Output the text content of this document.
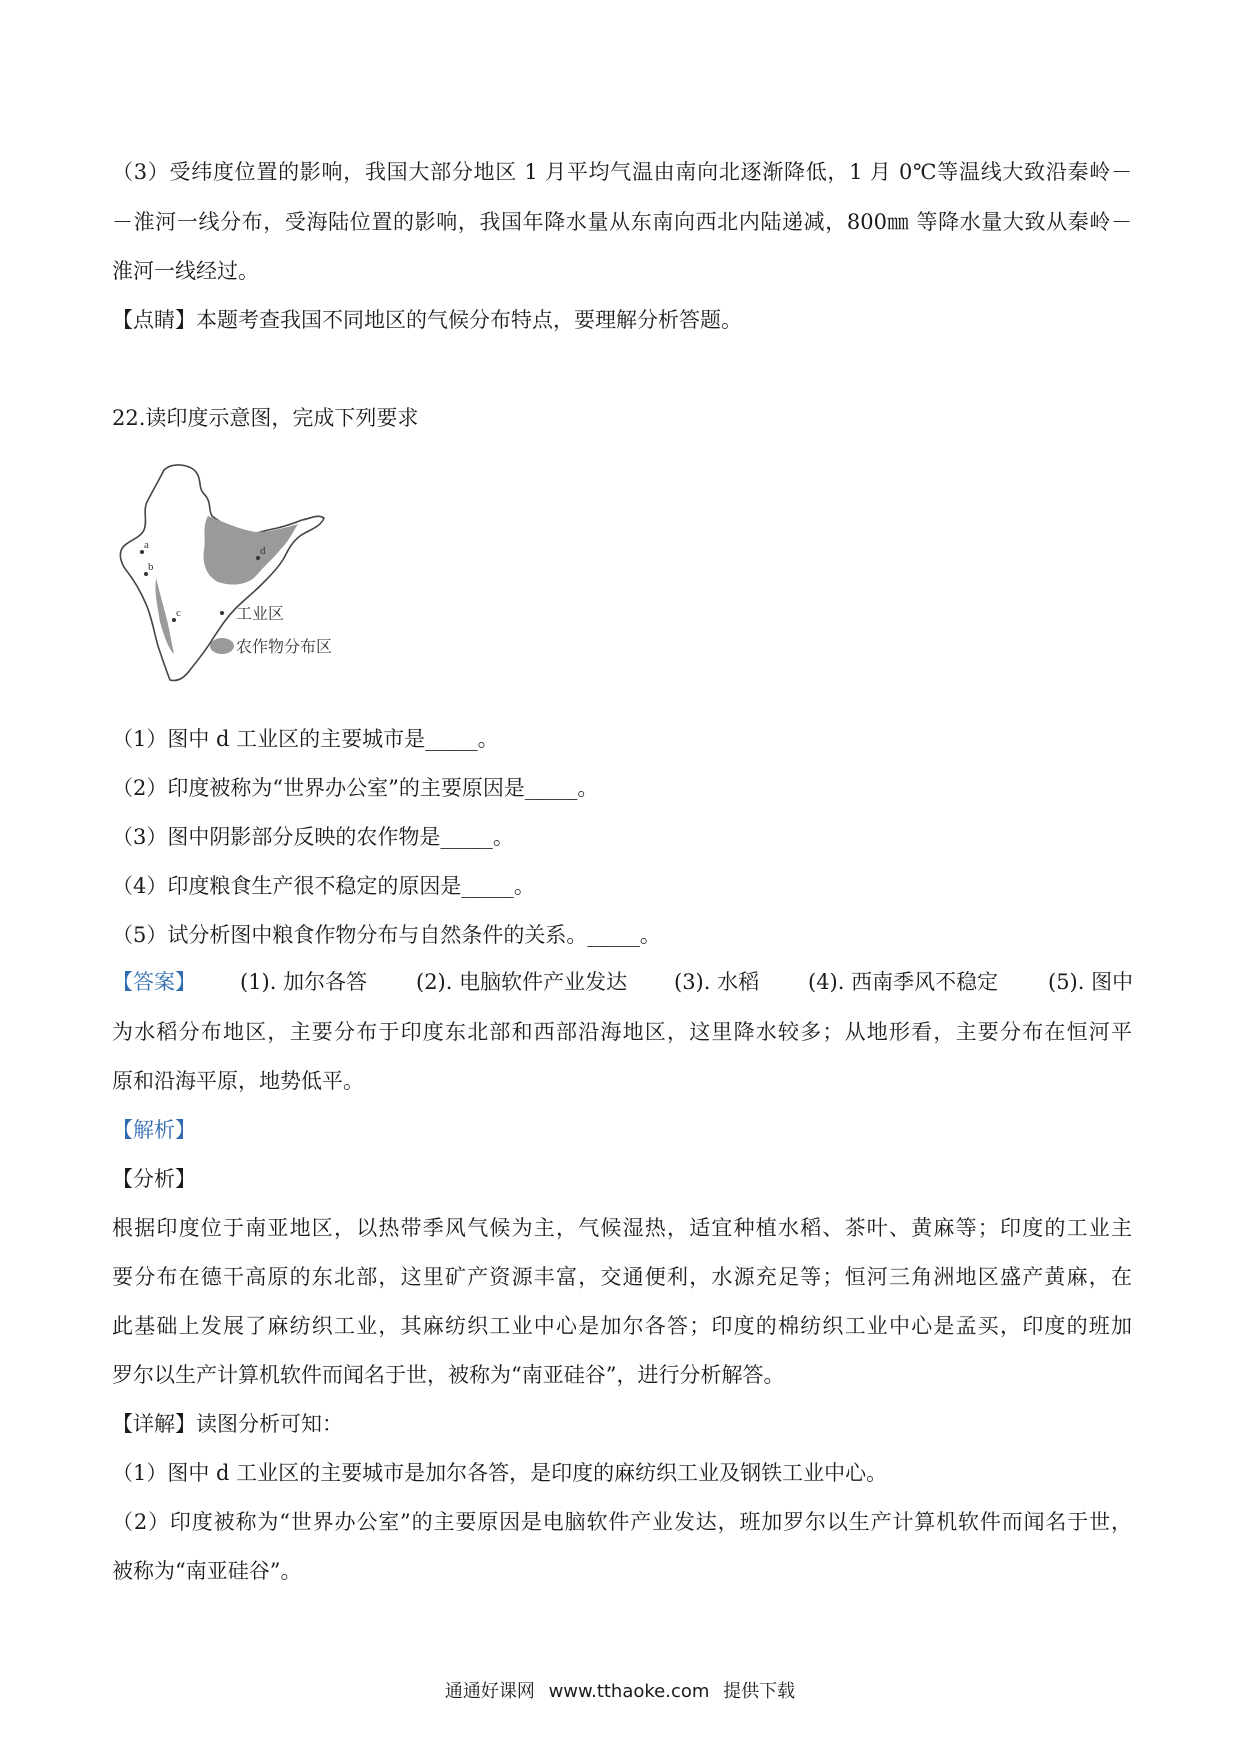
（3）受纬度位置的影响，我国大部分地区 1 月平均气温由南向北逐渐降低，1 月 0℃等温线大致沿秦岭－
－淮河一线分布，受海陆位置的影响，我国年降水量从东南向西北内陆递减，800㎜ 等降水量大致从秦岭－
淮河一线经过。
【点睛】本题考查我国不同地区的气候分布特点，要理解分析答题。
22.读印度示意图，完成下列要求
a
b
c
d
工业区
农作物分布区
（1）图中 d 工业区的主要城市是_____。
（2）印度被称为“世界办公室”的主要原因是_____。
（3）图中阴影部分反映的农作物是_____。
（4）印度粮食生产很不稳定的原因是_____。
（5）试分析图中粮食作物分布与自然条件的关系。_____。
【答案】 (1). 加尔各答 (2). 电脑软件产业发达 (3). 水稻 (4). 西南季风不稳定 (5). 图中
为水稻分布地区，主要分布于印度东北部和西部沿海地区，这里降水较多；从地形看，主要分布在恒河平
原和沿海平原，地势低平。
【解析】
【分析】
根据印度位于南亚地区，以热带季风气候为主，气候湿热，适宜种植水稻、茶叶、黄麻等；印度的工业主
要分布在德干高原的东北部，这里矿产资源丰富，交通便利，水源充足等；恒河三角洲地区盛产黄麻，在
此基础上发展了麻纺织工业，其麻纺织工业中心是加尔各答；印度的棉纺织工业中心是孟买，印度的班加
罗尔以生产计算机软件而闻名于世，被称为“南亚硅谷”，进行分析解答。
【详解】读图分析可知：
（1）图中 d 工业区的主要城市是加尔各答，是印度的麻纺织工业及钢铁工业中心。
（2）印度被称为“世界办公室”的主要原因是电脑软件产业发达，班加罗尔以生产计算机软件而闻名于世，
被称为“南亚硅谷”。
通通好课网 www.tthaoke.com 提供下载
